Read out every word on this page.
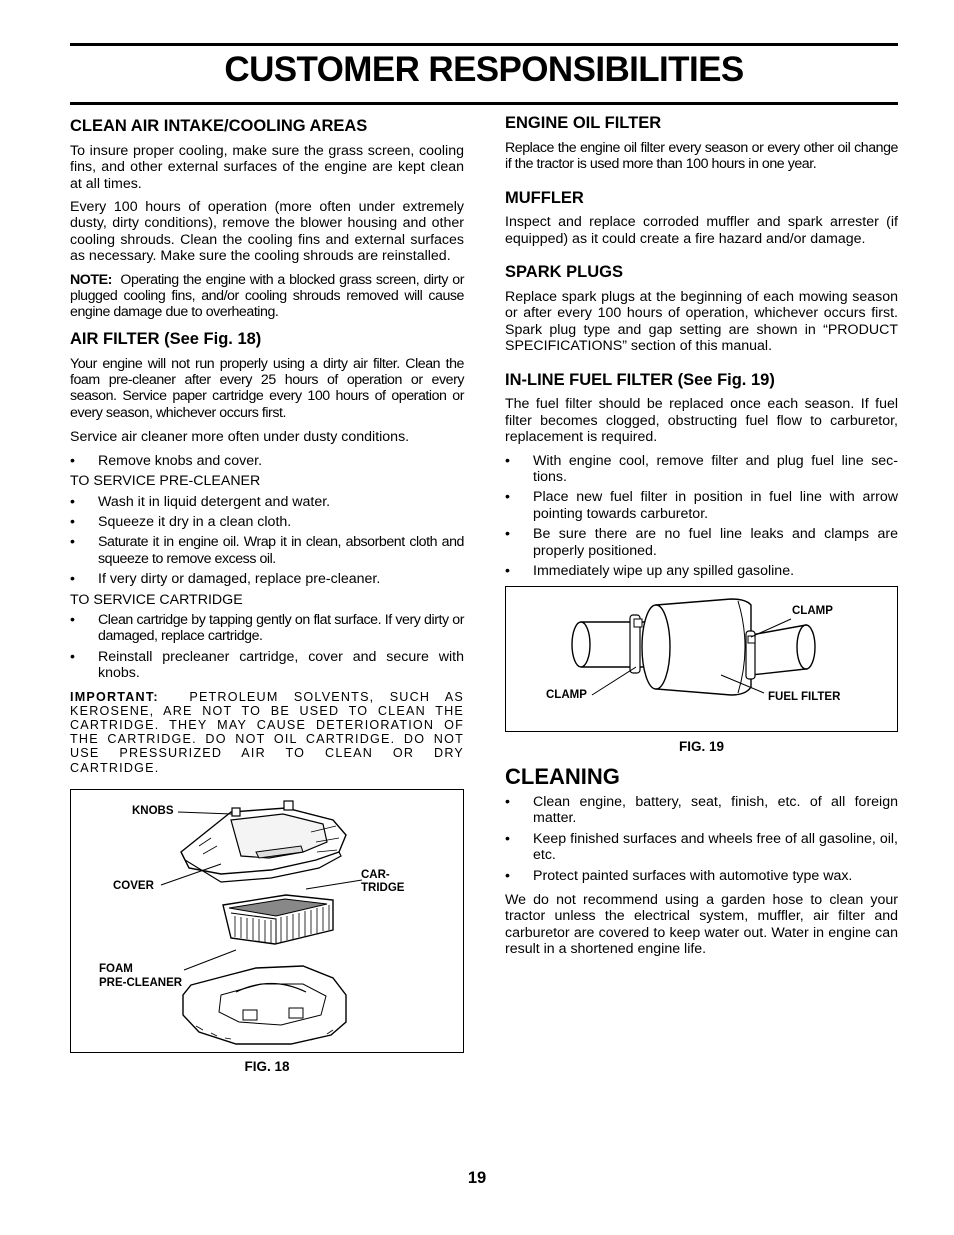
CUSTOMER RESPONSIBILITIES
CLEAN AIR INTAKE/COOLING AREAS

To insure proper cooling, make sure the grass screen, cooling fins, and other external surfaces of the engine are kept clean at all times.

Every 100 hours of operation (more often under extremely dusty, dirty conditions), remove the blower housing and other cooling shrouds. Clean the cooling fins and external surfaces as necessary. Make sure the cooling shrouds are reinstalled.

NOTE: Operating the engine with a blocked grass screen, dirty or plugged cooling fins, and/or cooling shrouds removed will cause engine damage due to overheating.

AIR FILTER (See Fig. 18)

Your engine will not run properly using a dirty air filter. Clean the foam pre-cleaner after every 25 hours of operation or every season. Service paper cartridge every 100 hours of operation or every season, whichever occurs first.

Service air cleaner more often under dusty conditions.

• Remove knobs and cover.
TO SERVICE PRE-CLEANER
• Wash it in liquid detergent and water.
• Squeeze it dry in a clean cloth.
• Saturate it in engine oil. Wrap it in clean, absorbent cloth and squeeze to remove excess oil.
• If very dirty or damaged, replace pre-cleaner.
TO SERVICE CARTRIDGE
• Clean cartridge by tapping gently on flat surface. If very dirty or damaged, replace cartridge.
• Reinstall precleaner cartridge, cover and secure with knobs.
IMPORTANT: PETROLEUM SOLVENTS, SUCH AS KEROSENE, ARE NOT TO BE USED TO CLEAN THE CARTRIDGE. THEY MAY CAUSE DETERIORATION OF THE CARTRIDGE. DO NOT OIL CARTRIDGE. DO NOT USE PRESSURIZED AIR TO CLEAN OR DRY CARTRIDGE.
KNOBS
COVER
CAR-
TRIDGE
FOAM
PRE-CLEANER
FIG. 18
ENGINE OIL FILTER

Replace the engine oil filter every season or every other oil change if the tractor is used more than 100 hours in one year.

MUFFLER

Inspect and replace corroded muffler and spark arrester (if equipped) as it could create a fire hazard and/or damage.

SPARK PLUGS

Replace spark plugs at the beginning of each mowing season or after every 100 hours of operation, whichever occurs first. Spark plug type and gap setting are shown in “PRODUCT SPECIFICATIONS” section of this manual.

IN-LINE FUEL FILTER (See Fig. 19)

The fuel filter should be replaced once each season. If fuel filter becomes clogged, obstructing fuel flow to carburetor, replacement is required.

• With engine cool, remove filter and plug fuel line sec-tions.
• Place new fuel filter in position in fuel line with arrow pointing towards carburetor.
• Be sure there are no fuel line leaks and clamps are properly positioned.
• Immediately wipe up any spilled gasoline.
CLAMP
CLAMP	FUEL FILTER
FIG. 19
CLEANING
• Clean engine, battery, seat, finish, etc. of all foreign matter.
• Keep finished surfaces and wheels free of all gasoline, oil, etc.
• Protect painted surfaces with automotive type wax.

We do not recommend using a garden hose to clean your tractor unless the electrical system, muffler, air filter and carburetor are covered to keep water out. Water in engine can result in a shortened engine life.

19
